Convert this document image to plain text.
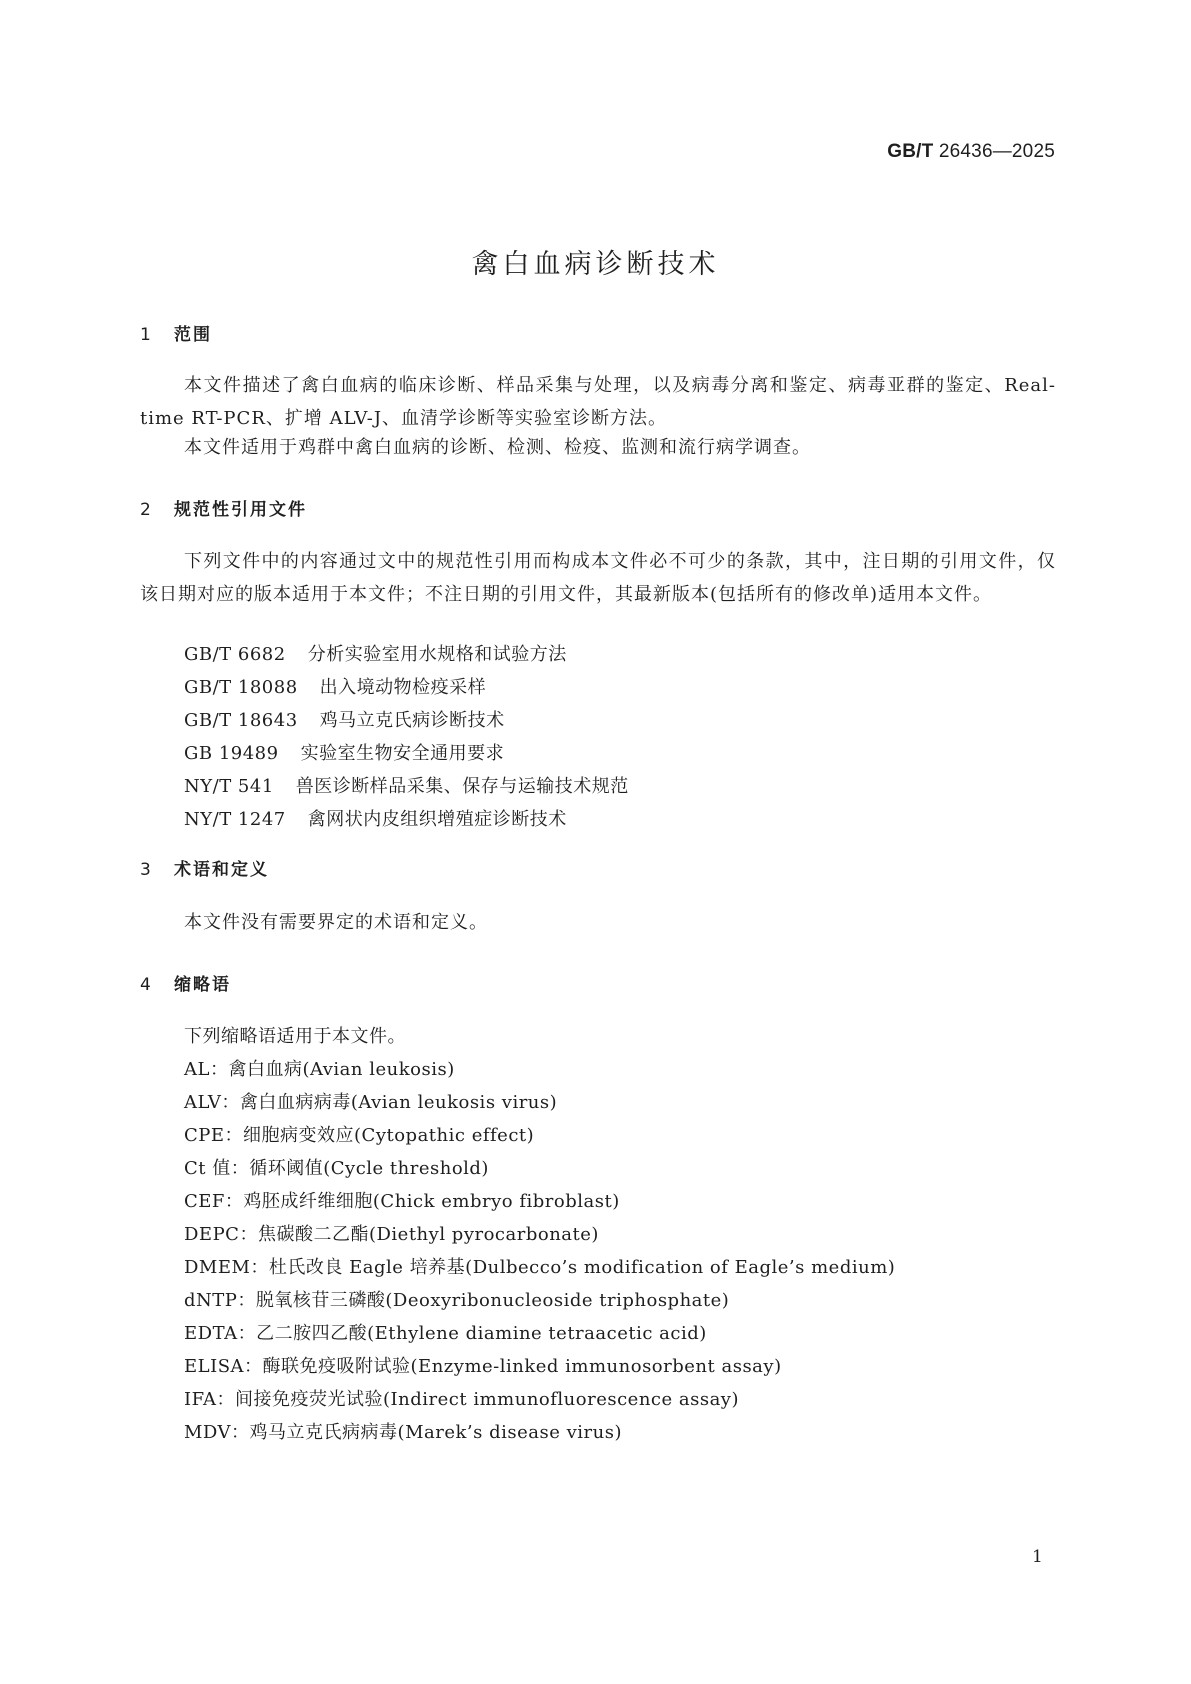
GB/T 26436—2025
禽白血病诊断技术
1 范围

本文件描述了禽白血病的临床诊断、样品采集与处理，以及病毒分离和鉴定、病毒亚群的鉴定、Real-time RT-PCR、扩增 ALV-J、血清学诊断等实验室诊断方法。

本文件适用于鸡群中禽白血病的诊断、检测、检疫、监测和流行病学调查。

2 规范性引用文件

下列文件中的内容通过文中的规范性引用而构成本文件必不可少的条款，其中，注日期的引用文件，仅该日期对应的版本适用于本文件；不注日期的引用文件，其最新版本(包括所有的修改单)适用本文件。

GB/T 6682 分析实验室用水规格和试验方法
GB/T 18088 出入境动物检疫采样
GB/T 18643 鸡马立克氏病诊断技术
GB 19489 实验室生物安全通用要求
NY/T 541 兽医诊断样品采集、保存与运输技术规范
NY/T 1247 禽网状内皮组织增殖症诊断技术
3 术语和定义

本文件没有需要界定的术语和定义。

4 缩略语
下列缩略语适用于本文件。
AL：禽白血病(Avian leukosis)
ALV：禽白血病病毒(Avian leukosis virus)
CPE：细胞病变效应(Cytopathic effect)
Ct 值：循环阈值(Cycle threshold)
CEF：鸡胚成纤维细胞(Chick embryo fibroblast)
DEPC：焦碳酸二乙酯(Diethyl pyrocarbonate)
DMEM：杜氏改良 Eagle 培养基(Dulbecco’s modification of Eagle’s medium)
dNTP：脱氧核苷三磷酸(Deoxyribonucleoside triphosphate)
EDTA：乙二胺四乙酸(Ethylene diamine tetraacetic acid)
ELISA：酶联免疫吸附试验(Enzyme-linked immunosorbent assay)
IFA：间接免疫荧光试验(Indirect immunofluorescence assay)
MDV：鸡马立克氏病病毒(Marek’s disease virus)
1
